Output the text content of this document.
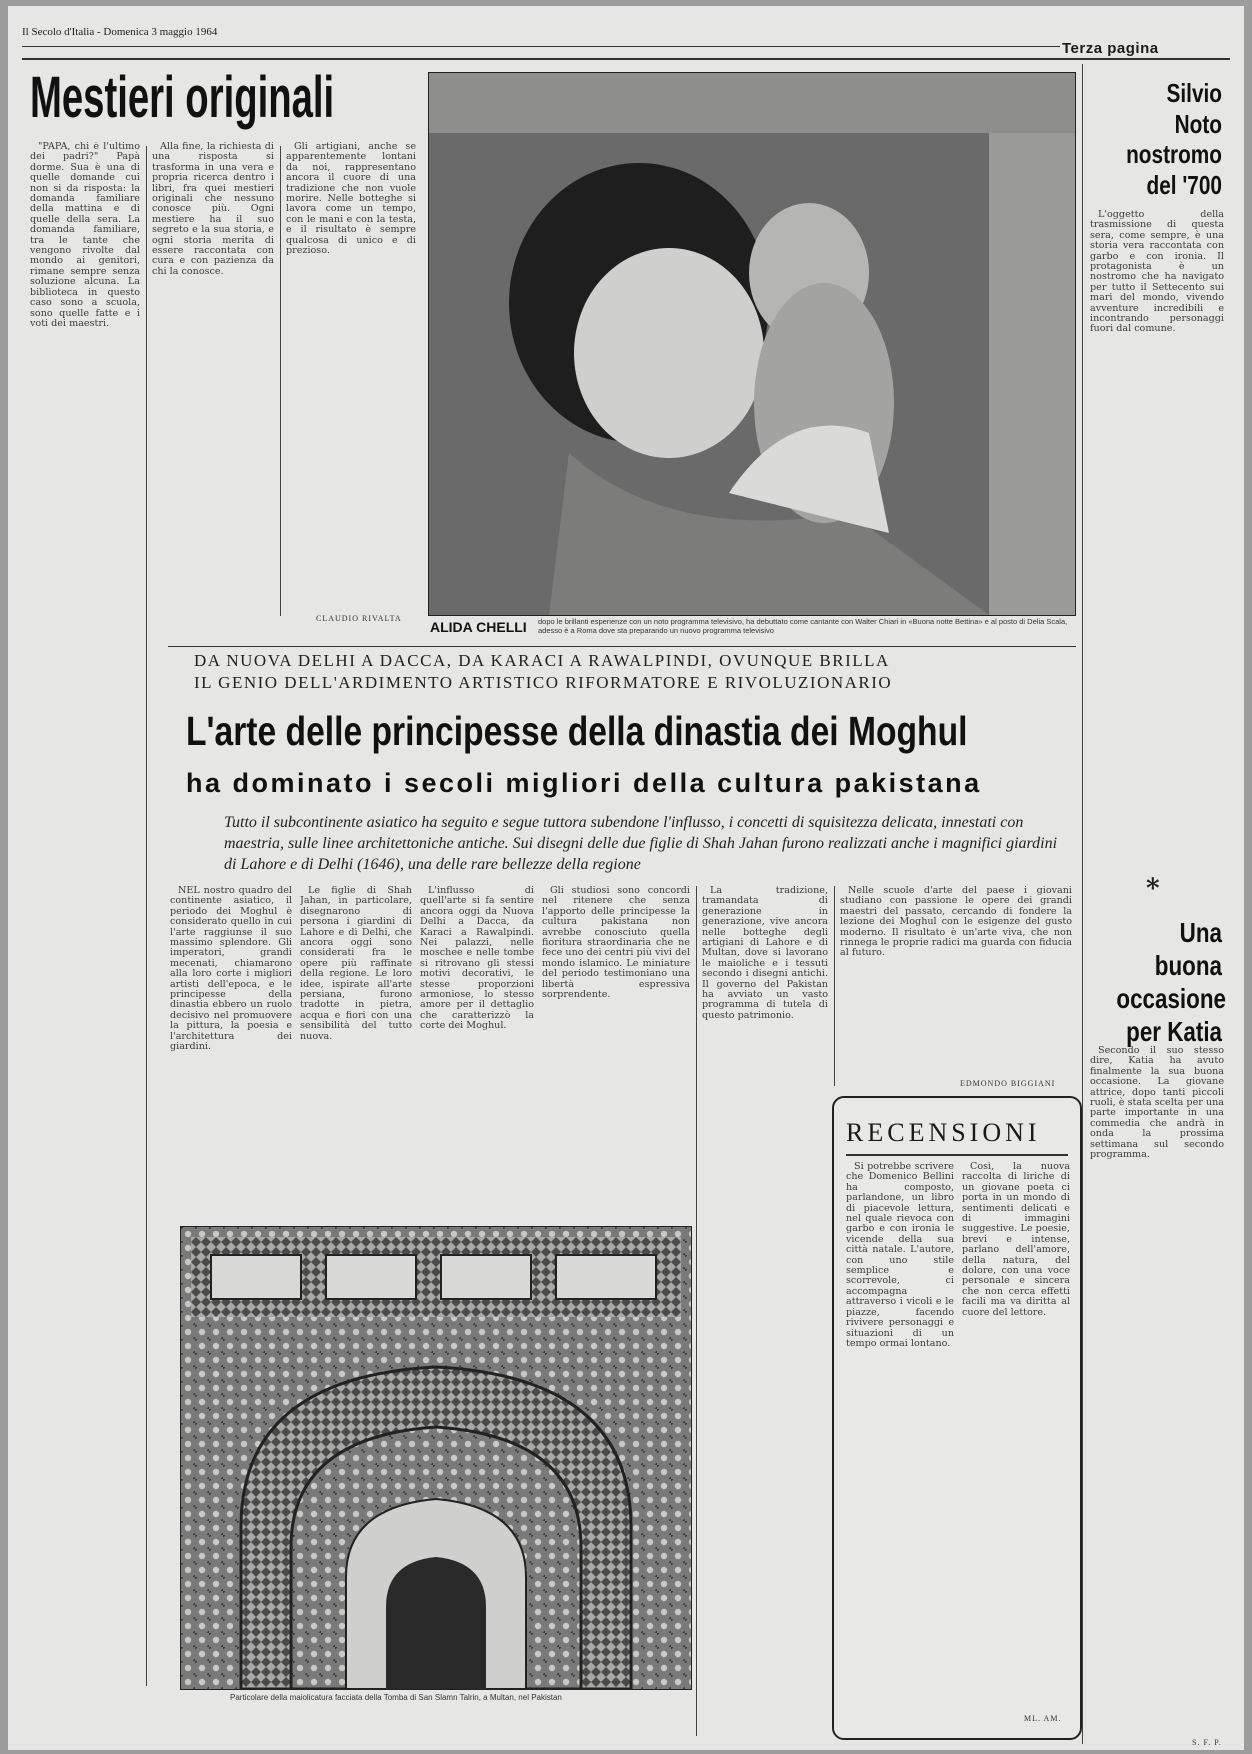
Il Secolo d'Italia - Domenica 3 maggio 1964
Terza pagina
Mestieri originali

"PAPÀ, chi è l'ultimo dei padri?" Papà dorme. Sua è una di quelle domande cui non si da risposta: la domanda familiare della mattina e di quelle della sera. La domanda familiare, tra le tante che vengono rivolte dal mondo ai genitori, rimane sempre senza soluzione alcuna. La biblioteca in questo caso sono a scuola, sono quelle fatte e i voti dei maestri.

Alla fine, la richiesta di una risposta si trasforma in una vera e propria ricerca dentro i libri, fra quei mestieri originali che nessuno conosce più. Ogni mestiere ha il suo segreto e la sua storia, e ogni storia merita di essere raccontata con cura e con pazienza da chi la conosce.

Gli artigiani, anche se apparentemente lontani da noi, rappresentano ancora il cuore di una tradizione che non vuole morire. Nelle botteghe si lavora come un tempo, con le mani e con la testa, e il risultato è sempre qualcosa di unico e di prezioso.

CLAUDIO RIVALTA
ALIDA CHELLI dopo le brillanti esperienze con un noto programma televisivo, ha debuttato come cantante con Walter Chiari in «Buona notte Bettina» e al posto di Delia Scala, adesso è a Roma dove sta preparando un nuovo programma televisivo
Silvio Noto nostromo del '700

L'oggetto della trasmissione di questa sera, come sempre, è una storia vera raccontata con garbo e con ironia. Il protagonista è un nostromo che ha navigato per tutto il Settecento sui mari del mondo, vivendo avventure incredibili e incontrando personaggi fuori dal comune.

*
Una buona occasione per Katia

Secondo il suo stesso dire, Katia ha avuto finalmente la sua buona occasione. La giovane attrice, dopo tanti piccoli ruoli, è stata scelta per una parte importante in una commedia che andrà in onda la prossima settimana sul secondo programma.

DA NUOVA DELHI A DACCA, DA KARACI A RAWALPINDI, OVUNQUE BRILLA
IL GENIO DELL'ARDIMENTO ARTISTICO RIFORMATORE E RIVOLUZIONARIO
L'arte delle principesse della dinastia dei Moghul
ha dominato i secoli migliori della cultura pakistana
Tutto il subcontinente asiatico ha seguito e segue tuttora subendone l'influsso, i concetti di squisitezza delicata, innestati con maestria, sulle linee architettoniche antiche. Sui disegni delle due figlie di Shah Jahan furono realizzati anche i magnifici giardini di Lahore e di Delhi (1646), una delle rare bellezze della regione

NEL nostro quadro del continente asiatico, il periodo dei Moghul è considerato quello in cui l'arte raggiunse il suo massimo splendore. Gli imperatori, grandi mecenati, chiamarono alla loro corte i migliori artisti dell'epoca, e le principesse della dinastia ebbero un ruolo decisivo nel promuovere la pittura, la poesia e l'architettura dei giardini.

Le figlie di Shah Jahan, in particolare, disegnarono di persona i giardini di Lahore e di Delhi, che ancora oggi sono considerati fra le opere più raffinate della regione. Le loro idee, ispirate all'arte persiana, furono tradotte in pietra, acqua e fiori con una sensibilità del tutto nuova.

L'influsso di quell'arte si fa sentire ancora oggi da Nuova Delhi a Dacca, da Karaci a Rawalpindi. Nei palazzi, nelle moschee e nelle tombe si ritrovano gli stessi motivi decorativi, le stesse proporzioni armoniose, lo stesso amore per il dettaglio che caratterizzò la corte dei Moghul.

Gli studiosi sono concordi nel ritenere che senza l'apporto delle principesse la cultura pakistana non avrebbe conosciuto quella fioritura straordinaria che ne fece uno dei centri più vivi del mondo islamico. Le miniature del periodo testimoniano una libertà espressiva sorprendente.

La tradizione, tramandata di generazione in generazione, vive ancora nelle botteghe degli artigiani di Lahore e di Multan, dove si lavorano le maioliche e i tessuti secondo i disegni antichi. Il governo del Pakistan ha avviato un vasto programma di tutela di questo patrimonio.

Nelle scuole d'arte del paese i giovani studiano con passione le opere dei grandi maestri del passato, cercando di fondere la lezione dei Moghul con le esigenze del gusto moderno. Il risultato è un'arte viva, che non rinnega le proprie radici ma guarda con fiducia al futuro.

EDMONDO BIGGIANI
Particolare della maiolicatura facciata della Tomba di San Slamn Talrin, a Multan, nel Pakistan
RECENSIONI

Si potrebbe scrivere che Domenico Bellini ha composto, parlandone, un libro di piacevole lettura, nel quale rievoca con garbo e con ironia le vicende della sua città natale. L'autore, con uno stile semplice e scorrevole, ci accompagna attraverso i vicoli e le piazze, facendo rivivere personaggi e situazioni di un tempo ormai lontano.

Così, la nuova raccolta di liriche di un giovane poeta ci porta in un mondo di sentimenti delicati e di immagini suggestive. Le poesie, brevi e intense, parlano dell'amore, della natura, del dolore, con una voce personale e sincera che non cerca effetti facili ma va diritta al cuore del lettore.

ML. AM.
S. F. P.
